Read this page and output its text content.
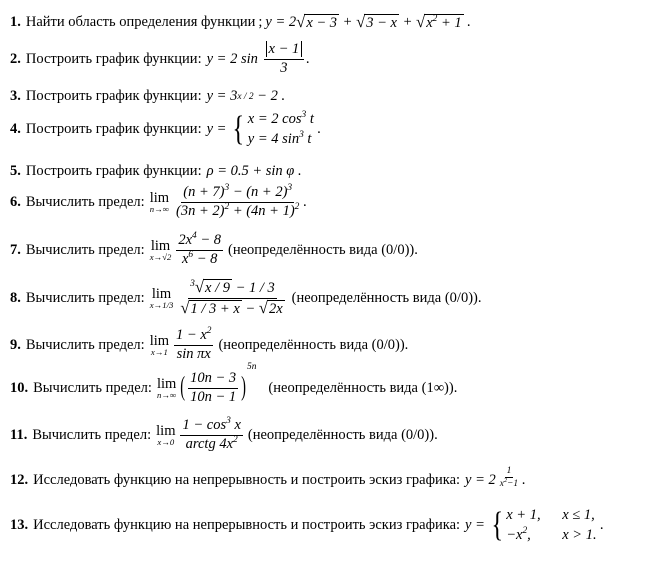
1. Найти область определения функции ; y = 2 √ x − 3 + √ 3 − x + √ $x^2 + 1$ .
2. Построить график функции: y = 2 $\sin \frac{x - 1}{3}$ .
3. Построить график функции: y = 3 x / 2 − 2 .
4. Построить график функции: y = { x = 2 $\cos^3 t$
y = 4 $\sin^3 t$
.
5. Построить график функции: ρ = 0.5 + sin φ .
6. Вычислить предел: lim
$n\to\infty \frac{(n + 7)^3 - (n + 2)^3}{(3n + 2)^2 + (4n + 1)^2}$ .
7. Вычислить предел: lim
$x\to√2 \frac{2x^4 - 8}{x^6 - 8}$ (неопределённость вида (0/0)).
8. Вычислить предел: lim
$x\to 1/3 \frac{^3 √ x / 9 - 1 / 3}{√ 1 / 3 + x - √ 2x}$ (неопределённость вида (0/0)).
9. Вычислить предел: lim
$x\to 1 \frac{1 - x^2}{\text{sin πx}}$ (неопределённость вида (0/0)).
10. Вычислить предел: lim
n→∞ ( $\frac{10n - 3}{10n - 1}$ )
5n
(неопределённость вида (1∞)).
11. Вычислить предел: lim
$x\to 0 \frac{1 - \cos^3 x}{arctg 4x^2}$ (неопределённость вида (0/0)).
12. Исследовать функцию на непрерывность и построить эскиз графика: $y = 2 \frac{1}{x^2-1}$ .
13. Исследовать функцию на непрерывность и построить эскиз графика: y = { x + 1, x ≤ 1,
$-x^2$, x > 1.
.
